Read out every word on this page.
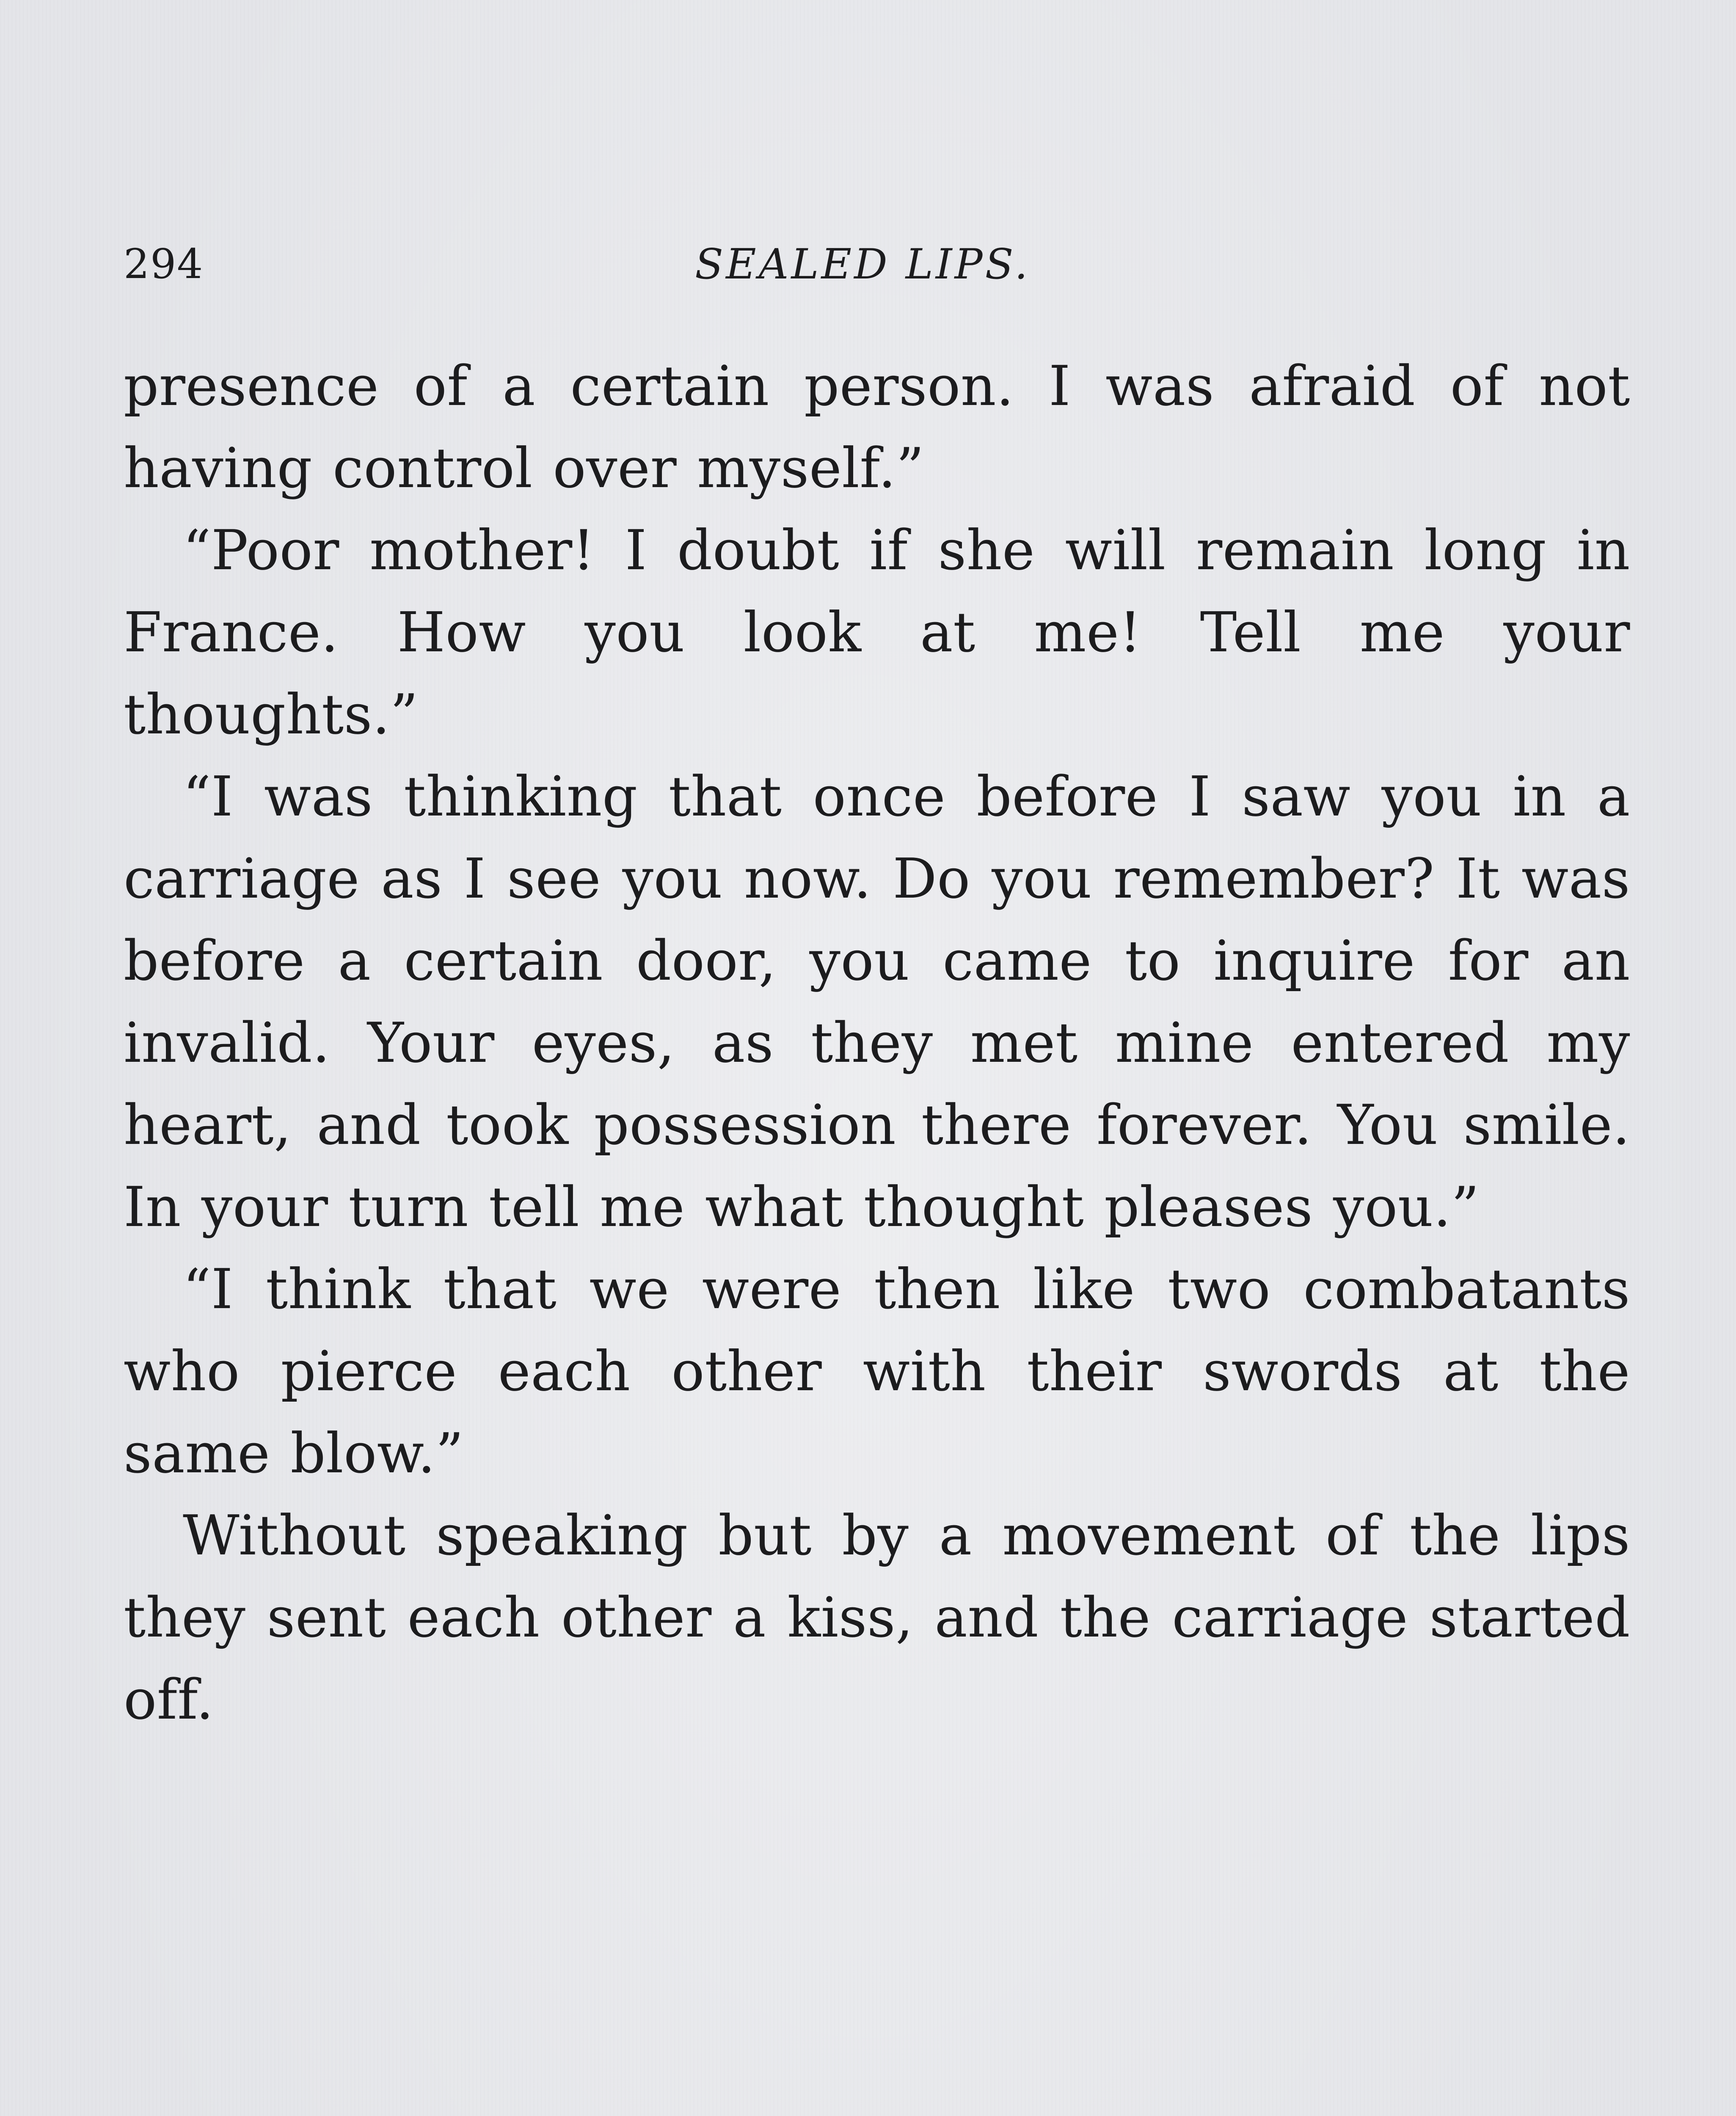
294	SEALED LIPS.

presence of a certain person. I was afraid of not having control over myself.”

“Poor mother! I doubt if she will remain long in France. How you look at me! Tell me your thoughts.”

“I was thinking that once before I saw you in a carriage as I see you now. Do you remember? It was before a certain door, you came to inquire for an invalid. Your eyes, as they met mine entered my heart, and took possession there forever. You smile. In your turn tell me what thought pleases you.”

“I think that we were then like two combatants who pierce each other with their swords at the same blow.”

Without speaking but by a movement of the lips they sent each other a kiss, and the carriage started off.
